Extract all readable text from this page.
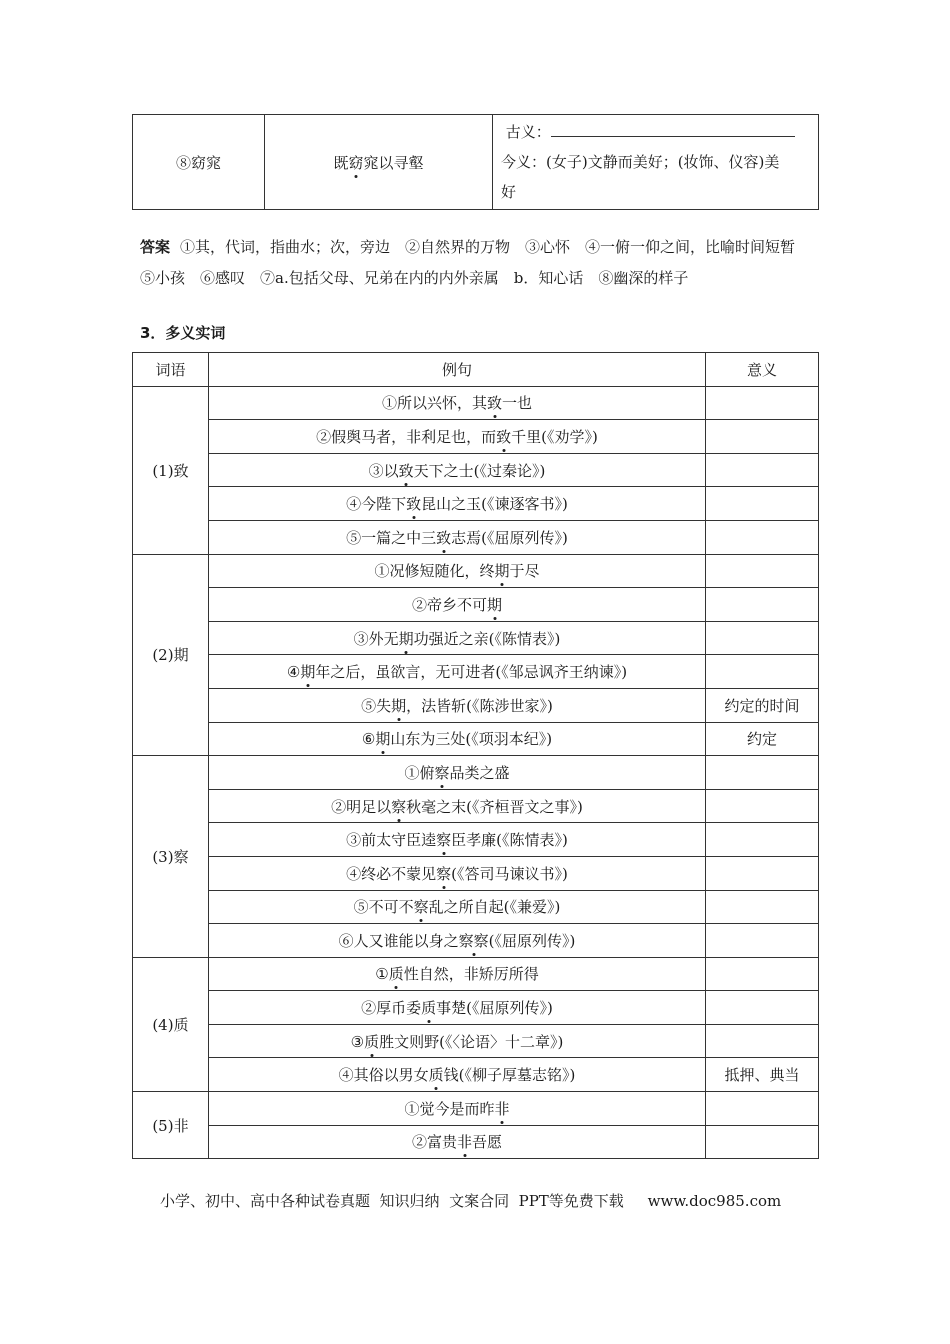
⑧窈窕	既窈窕以寻壑	
古义：
今义：(女子)文静而美好；(妆饰、仪容)美
好
答案 ①其，代词，指曲水；次，旁边　②自然界的万物　③心怀　④一俯一仰之间，比喻时间短暂　⑤小孩　⑥感叹　⑦a.包括父母、兄弟在内的内外亲属　b．知心话　⑧幽深的样子
3．多义实词
词语	例句	意义
(1)致	①所以兴怀，其致一也	
	②假舆马者，非利足也，而致千里(《劝学》)	
	③以致天下之士(《过秦论》)	
	④今陛下致昆山之玉(《谏逐客书》)	
	⑤一篇之中三致志焉(《屈原列传》)	
(2)期	①况修短随化，终期于尽	
	②帝乡不可期	
	③外无期功强近之亲(《陈情表》)	
	④期年之后，虽欲言，无可进者(《邹忌讽齐王纳谏》)	
	⑤失期，法皆斩(《陈涉世家》)	约定的时间
	⑥期山东为三处(《项羽本纪》)	约定
(3)察	①俯察品类之盛	
	②明足以察秋毫之末(《齐桓晋文之事》)	
	③前太守臣逵察臣孝廉(《陈情表》)	
	④终必不蒙见察(《答司马谏议书》)	
	⑤不可不察乱之所自起(《兼爱》)	
	⑥人又谁能以身之察察(《屈原列传》)	
(4)质	①质性自然，非矫厉所得	
	②厚币委质事楚(《屈原列传》)	
	③质胜文则野(《〈论语〉十二章》)	
	④其俗以男女质钱(《柳子厚墓志铭》)	抵押、典当
(5)非	①觉今是而昨非	
	②富贵非吾愿	
小学、初中、高中各种试卷真题  知识归纳  文案合同  PPT等免费下载     www.doc985.com
